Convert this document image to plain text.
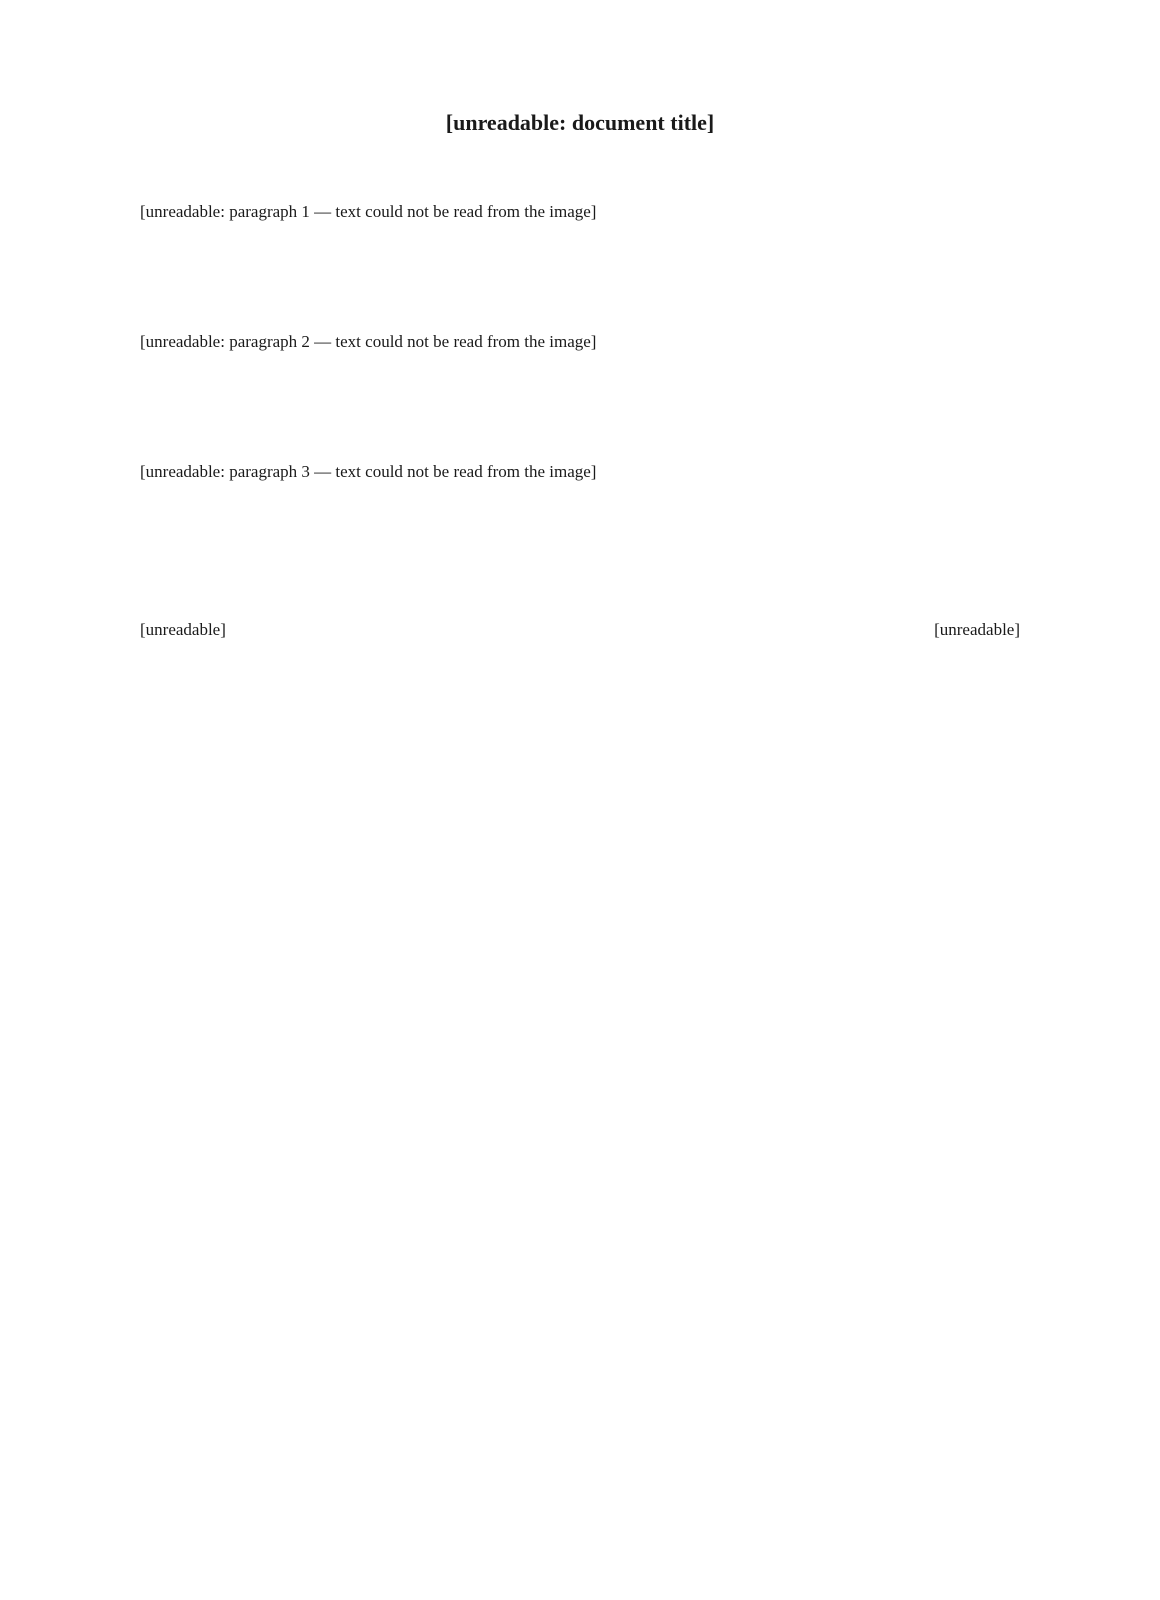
[unreadable: document title]
[unreadable: paragraph 1 — text could not be read from the image]
[unreadable: paragraph 2 — text could not be read from the image]
[unreadable: paragraph 3 — text could not be read from the image]
[unreadable]	[unreadable]
